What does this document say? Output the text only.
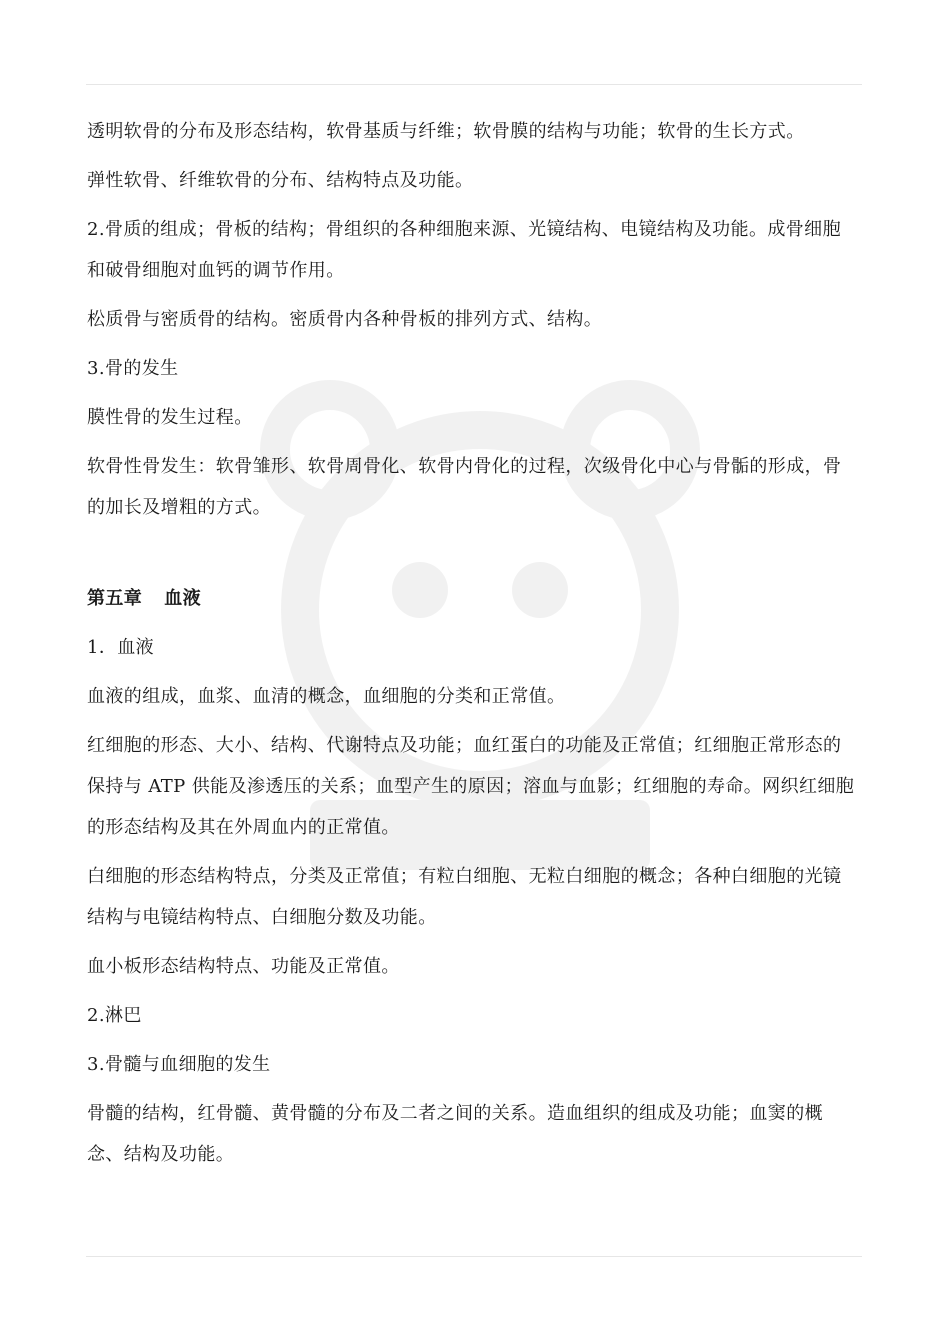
透明软骨的分布及形态结构，软骨基质与纤维；软骨膜的结构与功能；软骨的生长方式。

弹性软骨、纤维软骨的分布、结构特点及功能。

2.骨质的组成；骨板的结构；骨组织的各种细胞来源、光镜结构、电镜结构及功能。成骨细胞和破骨细胞对血钙的调节作用。

松质骨与密质骨的结构。密质骨内各种骨板的排列方式、结构。

3.骨的发生

膜性骨的发生过程。

软骨性骨发生：软骨雏形、软骨周骨化、软骨内骨化的过程，次级骨化中心与骨骺的形成，骨的加长及增粗的方式。

第五章 血液

1．血液

血液的组成，血浆、血清的概念，血细胞的分类和正常值。

红细胞的形态、大小、结构、代谢特点及功能；血红蛋白的功能及正常值；红细胞正常形态的保持与 ATP 供能及渗透压的关系；血型产生的原因；溶血与血影；红细胞的寿命。网织红细胞的形态结构及其在外周血内的正常值。

白细胞的形态结构特点，分类及正常值；有粒白细胞、无粒白细胞的概念；各种白细胞的光镜结构与电镜结构特点、白细胞分数及功能。

血小板形态结构特点、功能及正常值。

2.淋巴

3.骨髓与血细胞的发生

骨髓的结构，红骨髓、黄骨髓的分布及二者之间的关系。造血组织的组成及功能；血窦的概念、结构及功能。
